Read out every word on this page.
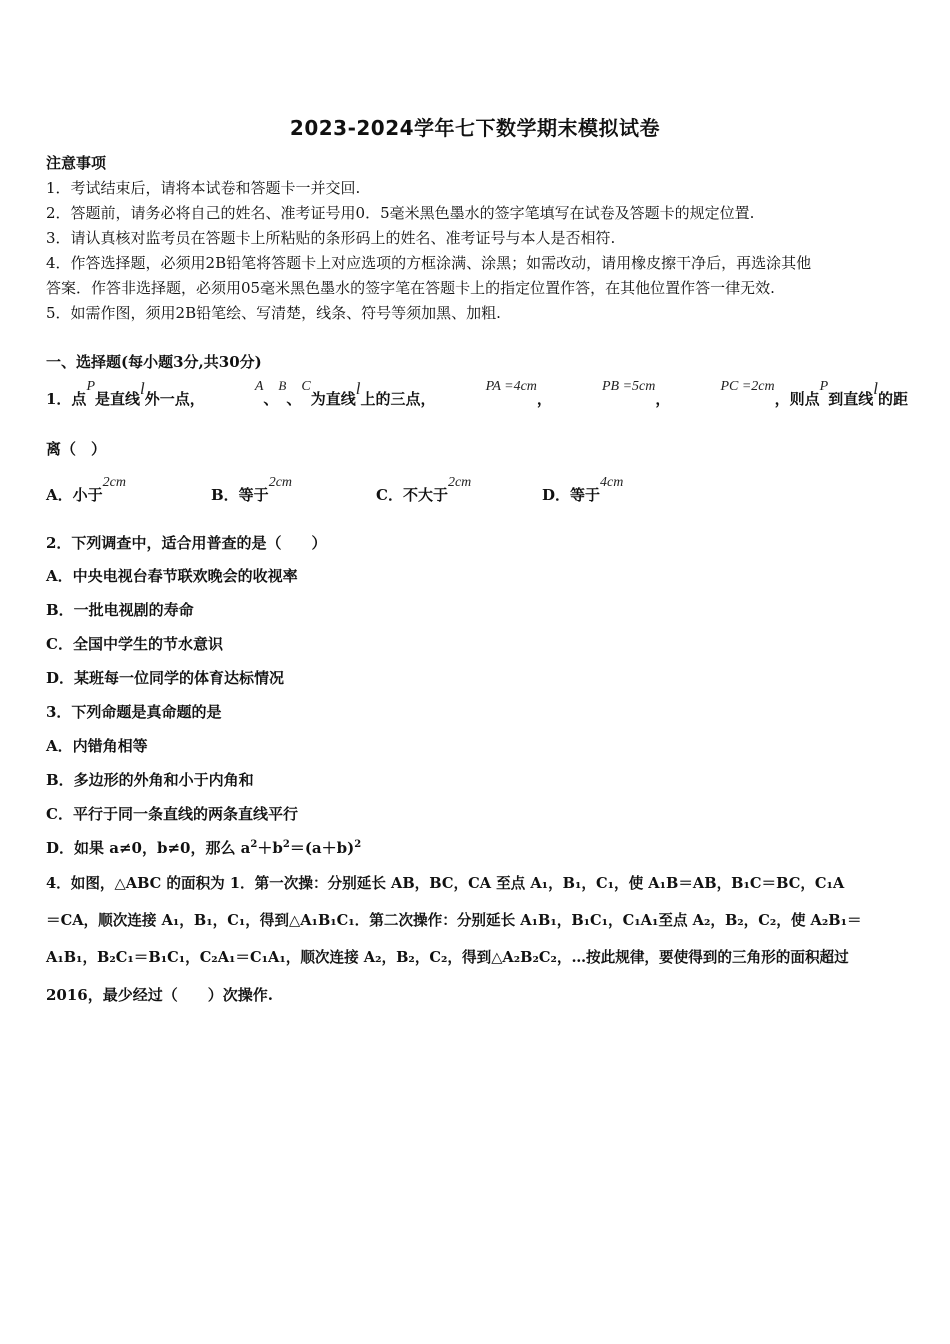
2023-2024学年七下数学期末模拟试卷
注意事项
1．考试结束后，请将本试卷和答题卡一并交回.
2．答题前，请务必将自己的姓名、准考证号用0．5毫米黑色墨水的签字笔填写在试卷及答题卡的规定位置.
3．请认真核对监考员在答题卡上所粘贴的条形码上的姓名、准考证号与本人是否相符.
4．作答选择题，必须用2B铅笔将答题卡上对应选项的方框涂满、涂黑；如需改动，请用橡皮擦干净后，再选涂其他
答案．作答非选择题，必须用05毫米黑色墨水的签字笔在答题卡上的指定位置作答，在其他位置作答一律无效.
5．如需作图，须用2B铅笔绘、写清楚，线条、符号等须加黑、加粗.
一、选择题(每小题3分,共30分)
1．点P是直线l外一点，
A、B、C为直线l上的三点，
PA =4cm，
PB =5cm，
PC =2cm，则点P到直线l的距
离（　）
A．小于2cm
B．等于2cm
C．不大于2cm
D．等于4cm
2．下列调查中，适合用普查的是（　　）
A．中央电视台春节联欢晚会的收视率
B．一批电视剧的寿命
C．全国中学生的节水意识
D．某班每一位同学的体育达标情况
3．下列命题是真命题的是
A．内错角相等
B．多边形的外角和小于内角和
C．平行于同一条直线的两条直线平行
D．如果 a≠0，b≠0，那么 $a^2+b^2=(a+b)^2$
4．如图，△ABC 的面积为 1．第一次操：分别延长 AB，BC，CA 至点 A₁，B₁，C₁，使 A₁B＝AB，B₁C＝BC，C₁A
＝CA，顺次连接 A₁，B₁，C₁，得到△A₁B₁C₁．第二次操作：分别延长 A₁B₁，B₁C₁，C₁A₁至点 A₂，B₂，C₂，使 A₂B₁＝
A₁B₁，B₂C₁＝B₁C₁，C₂A₁＝C₁A₁，顺次连接 A₂，B₂，C₂，得到△A₂B₂C₂，…按此规律，要使得到的三角形的面积超过
2016，最少经过（　　）次操作.
